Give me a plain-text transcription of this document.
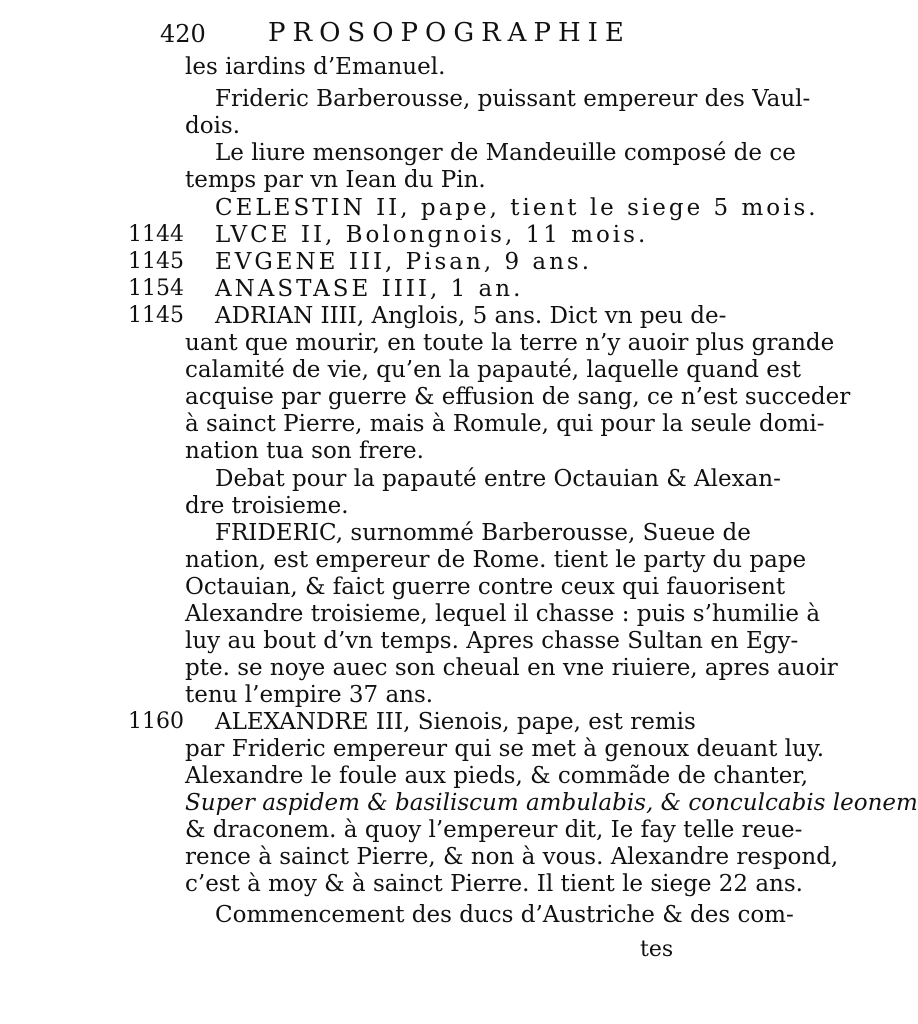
420 PROSOPOGRAPHIE
1144
1145
1154
1145
1160
les iardins d’Emanuel.
Frideric Barberousse, puissant empereur des Vaul-
dois.
Le liure mensonger de Mandeuille composé de ce
temps par vn Iean du Pin.
CELESTIN II, pape, tient le siege 5 mois.
LVCE II, Bolongnois, 11 mois.
EVGENE III, Pisan, 9 ans.
ANASTASE IIII, 1 an.
ADRIAN IIII, Anglois, 5 ans. Dict vn peu de-
uant que mourir, en toute la terre n’y auoir plus grande
calamité de vie, qu’en la papauté, laquelle quand est
acquise par guerre & effusion de sang, ce n’est succeder
à sainct Pierre, mais à Romule, qui pour la seule domi-
nation tua son frere.
Debat pour la papauté entre Octauian & Alexan-
dre troisieme.
FRIDERIC, surnommé Barberousse, Sueue de
nation, est empereur de Rome. tient le party du pape
Octauian, & faict guerre contre ceux qui fauorisent
Alexandre troisieme, lequel il chasse : puis s’humilie à
luy au bout d’vn temps. Apres chasse Sultan en Egy-
pte. se noye auec son cheual en vne riuiere, apres auoir
tenu l’empire 37 ans.
ALEXANDRE III, Sienois, pape, est remis
par Frideric empereur qui se met à genoux deuant luy.
Alexandre le foule aux pieds, & commãde de chanter,
Super aspidem & basiliscum ambulabis, & conculcabis leonem
& draconem. à quoy l’empereur dit, Ie fay telle reue-
rence à sainct Pierre, & non à vous. Alexandre respond,
c’est à moy & à sainct Pierre. Il tient le siege 22 ans.
Commencement des ducs d’Austriche & des com-
tes
